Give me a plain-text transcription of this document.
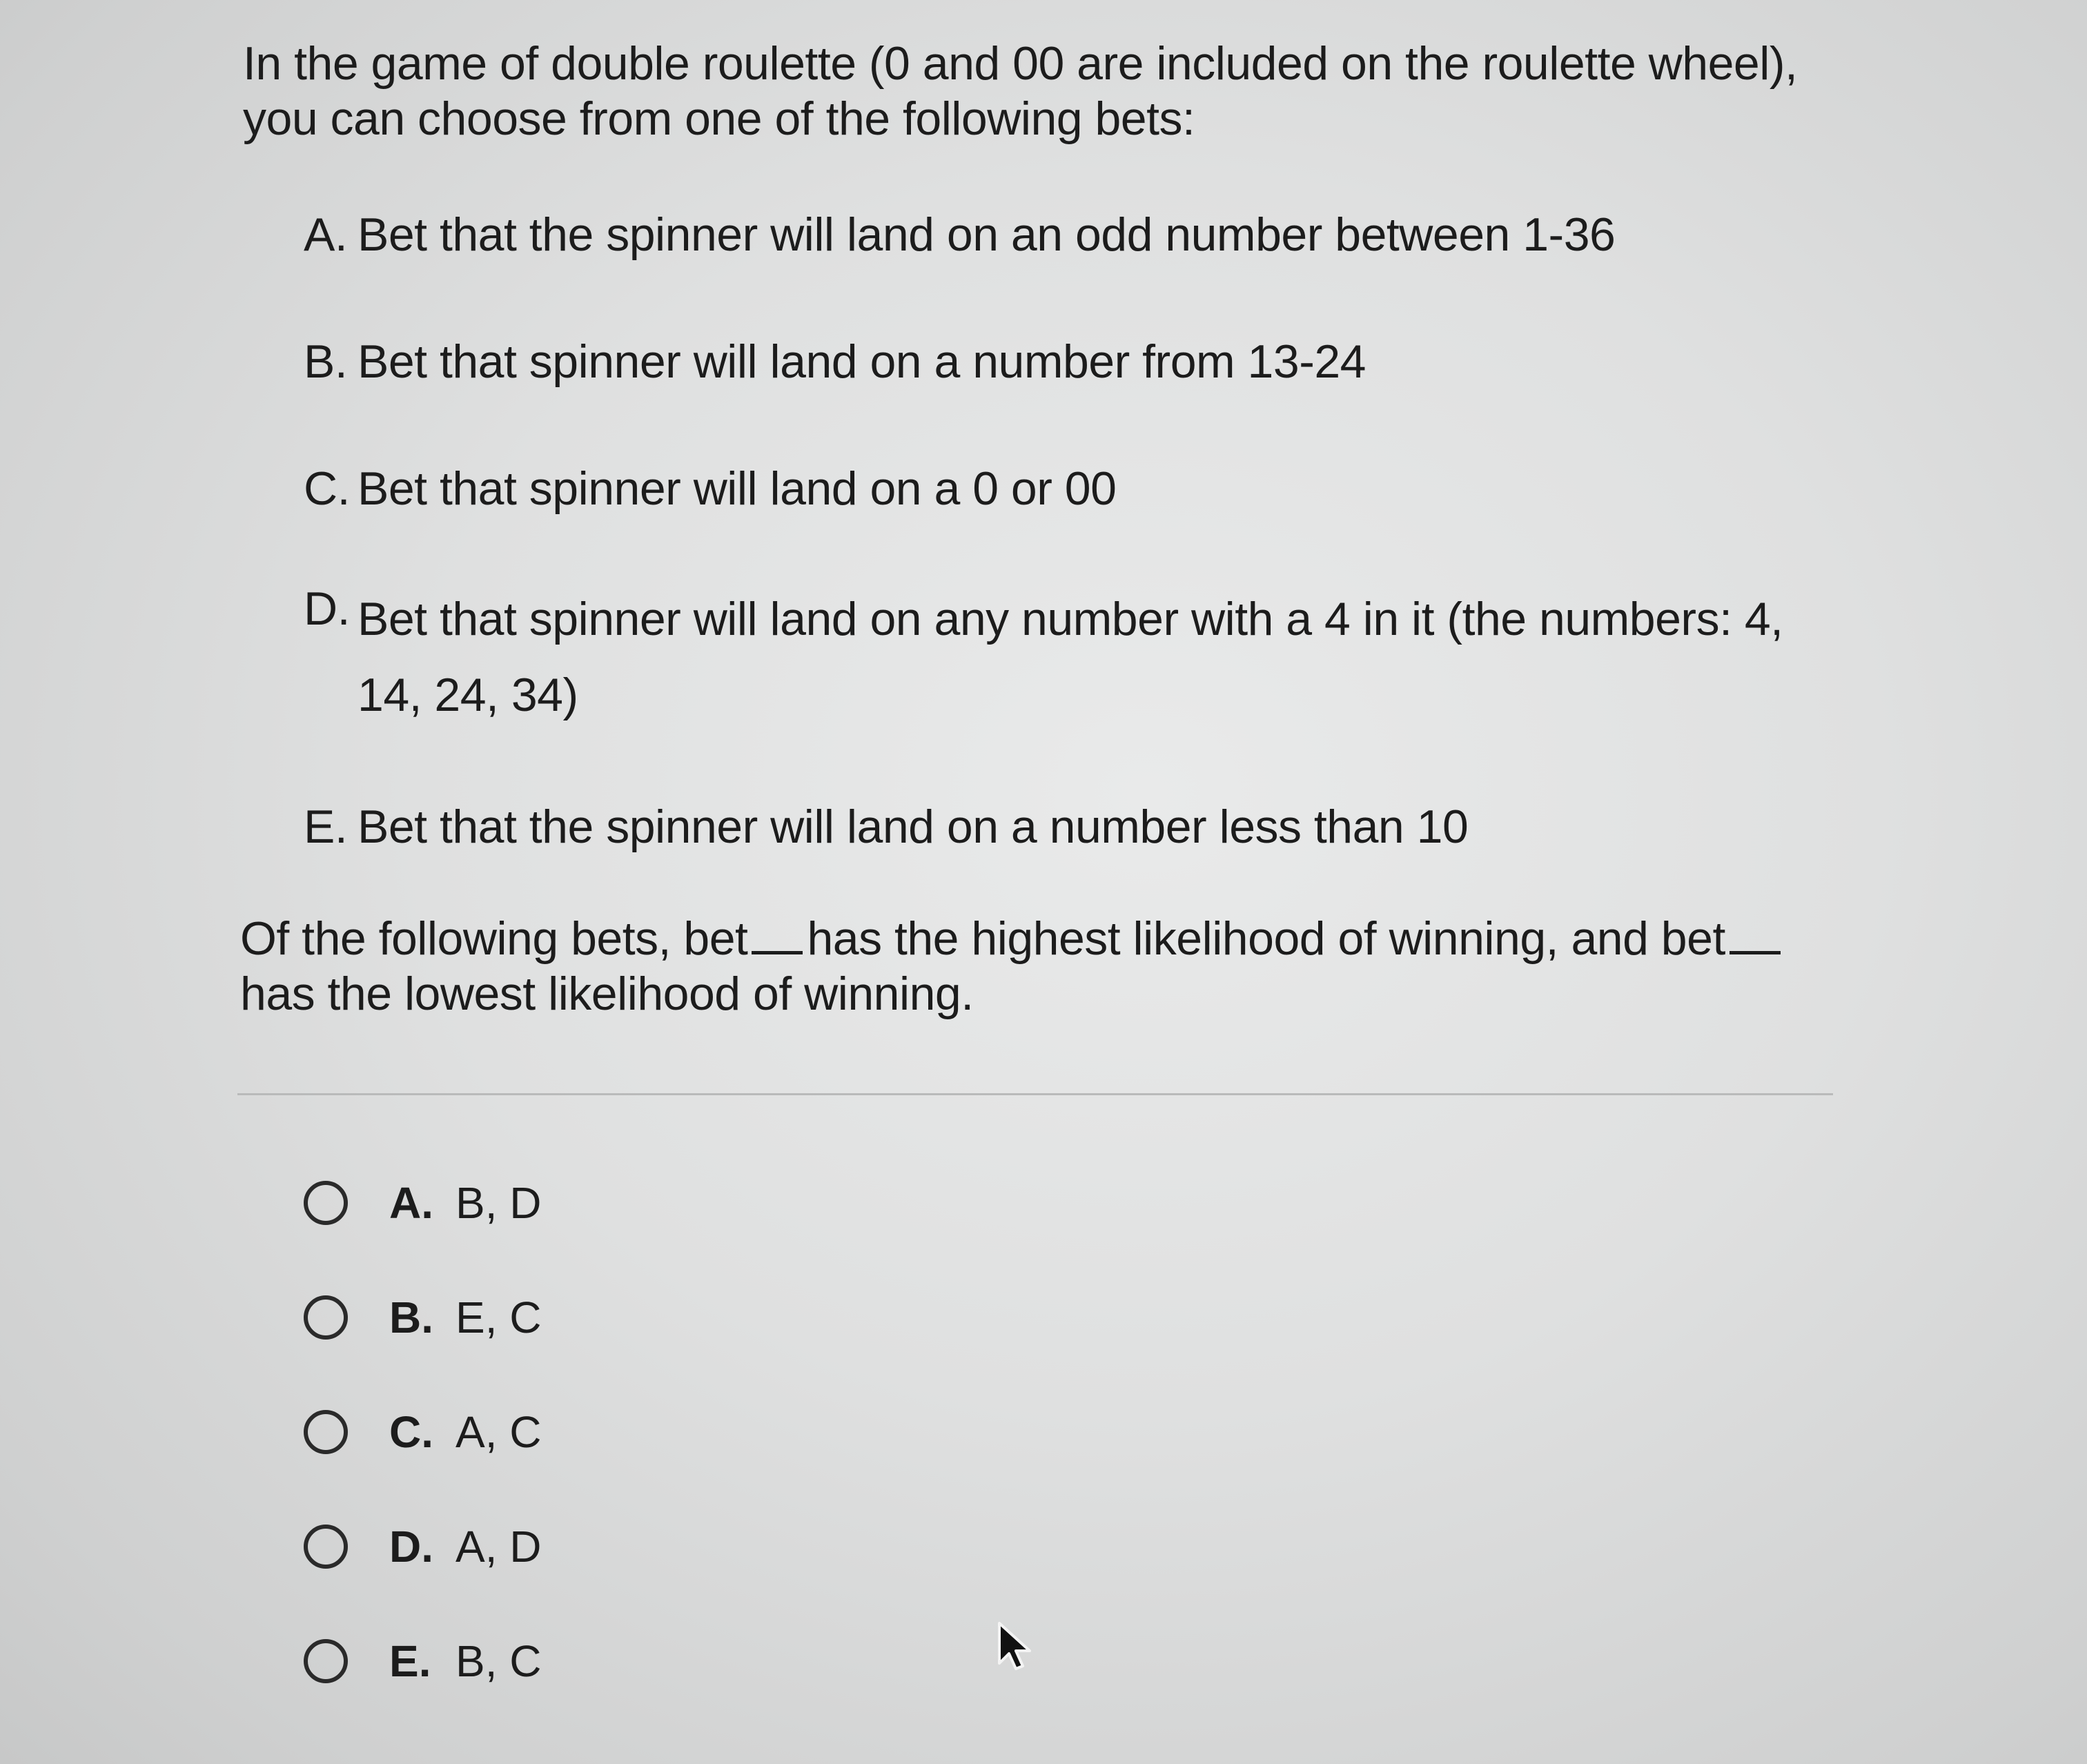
In the game of double roulette (0 and 00 are included on the roulette wheel), you can choose from one of the following bets:
A. Bet that the spinner will land on an odd number between 1-36
B. Bet that spinner will land on a number from 13-24
C. Bet that spinner will land on a 0 or 00
D. Bet that spinner will land on any number with a 4 in it (the numbers: 4, 14, 24, 34)
E. Bet that the spinner will land on a number less than 10
Of the following bets, bet has the highest likelihood of winning, and bet has the lowest likelihood of winning.
A. B, D
B. E, C
C. A, C
D. A, D
E. B, C
